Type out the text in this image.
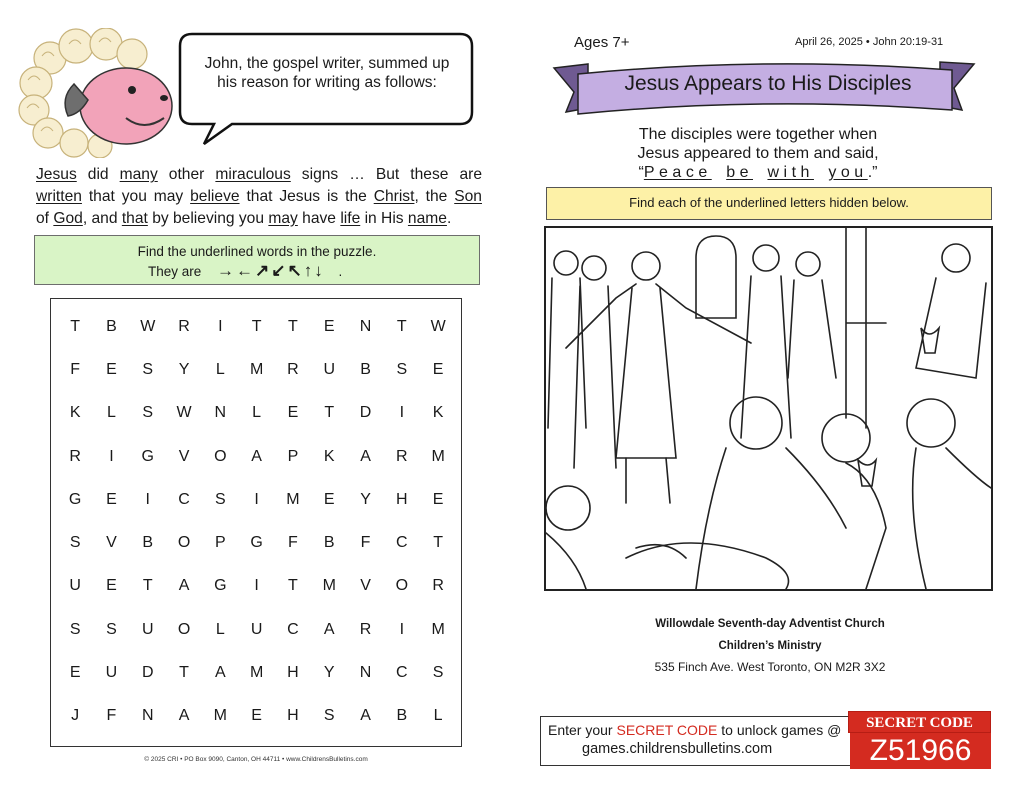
John, the gospel writer, summed up
his reason for writing as follows:
Jesus did many other miraculous signs … But these are
written that you may believe that Jesus is the Christ, the Son
of God, and that by believing you may have life in His name.
Find the underlined words in the puzzle.
They are →←↗↙↖↑↓ .
T	B	W	R	I	T	T	E	N	T	W
F	E	S	Y	L	M	R	U	B	S	E
K	L	S	W	N	L	E	T	D	I	K
R	I	G	V	O	A	P	K	A	R	M
G	E	I	C	S	I	M	E	Y	H	E
S	V	B	O	P	G	F	B	F	C	T
U	E	T	A	G	I	T	M	V	O	R
S	S	U	O	L	U	C	A	R	I	M
E	U	D	T	A	M	H	Y	N	C	S
J	F	N	A	M	E	H	S	A	B	L
© 2025 CRI • PO Box 9090, Canton, OH 44711 • www.ChildrensBulletins.com
Ages 7+	April 26, 2025 • John 20:19-31
Jesus Appears to His Disciples
The disciples were together when
Jesus appeared to them and said,
“Peace be with you.”
Find each of the underlined letters hidden below.
Willowdale Seventh-day Adventist Church
Children’s Ministry
535 Finch Ave. West Toronto, ON M2R 3X2
Enter your SECRET CODE to unlock games @
games.childrensbulletins.com
SECRET CODE
Z51966
